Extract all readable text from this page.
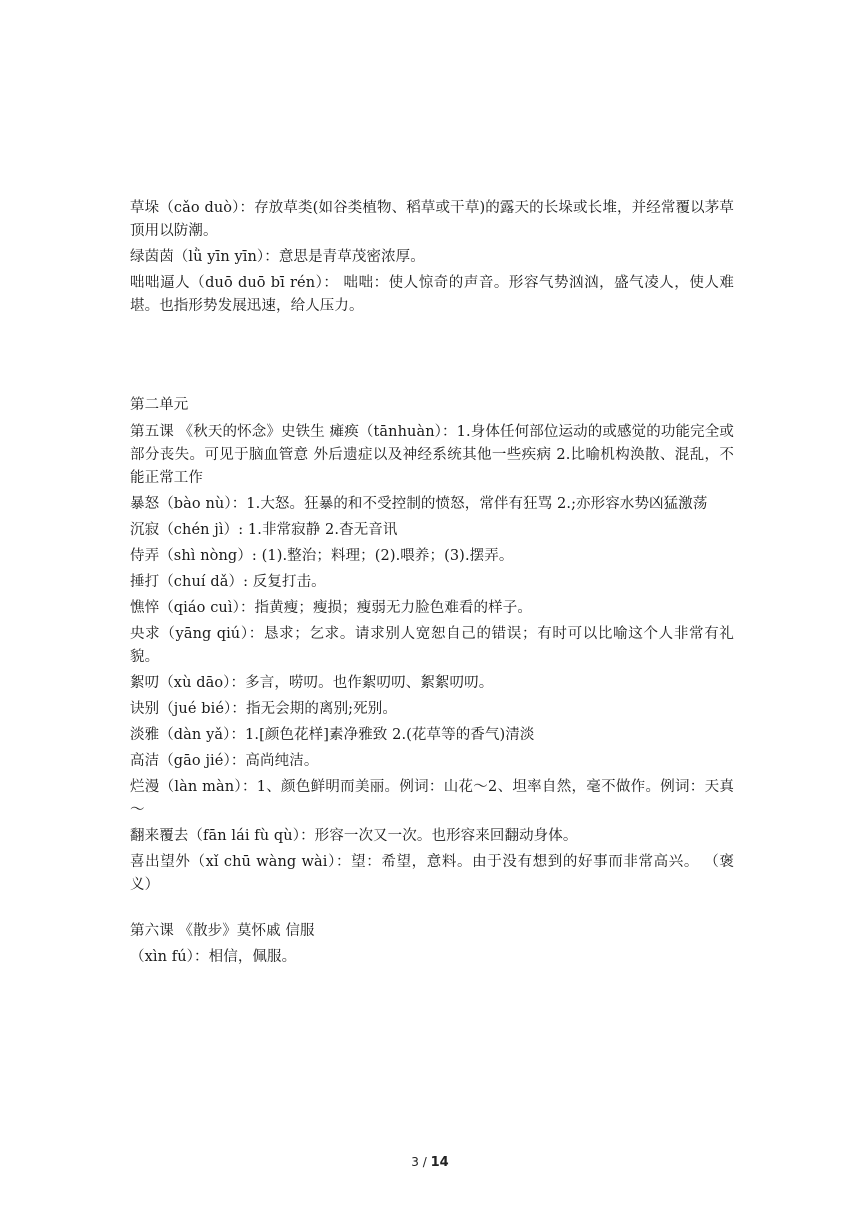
草垛（cǎo duò）：存放草类(如谷类植物、稻草或干草)的露天的长垛或长堆，并经常覆以茅草顶用以防潮。

绿茵茵（lǜ yīn yīn）：意思是青草茂密浓厚。

咄咄逼人（duō duō bī rén）： 咄咄：使人惊奇的声音。形容气势汹汹，盛气凌人，使人难堪。也指形势发展迅速，给人压力。

第二单元

第五课 《秋天的怀念》史铁生 瘫痪（tānhuàn）：1.身体任何部位运动的或感觉的功能完全或部分丧失。可见于脑血管意 外后遗症以及神经系统其他一些疾病 2.比喻机构涣散、混乱，不能正常工作

暴怒（bào nù）：1.大怒。狂暴的和不受控制的愤怒，常伴有狂骂 2.;亦形容水势凶猛激荡

沉寂（chén jì）: 1.非常寂静 2.杳无音讯

侍弄（shì nòng）: (1).整治；料理；(2).喂养；(3).摆弄。

捶打（chuí dǎ）: 反复打击。

憔悴（qiáo cuì）：指黄瘦；瘦损；瘦弱无力脸色难看的样子。

央求（yāng qiú）：恳求；乞求。请求别人宽恕自己的错误；有时可以比喻这个人非常有礼貌。

絮叨（xù dāo）：多言，唠叨。也作絮叨叨、絮絮叨叨。

诀别（jué bié）：指无会期的离别;死别。

淡雅（dàn yǎ）：1.[颜色花样]素净雅致 2.(花草等的香气)清淡

高洁（gāo jié）：高尚纯洁。

烂漫（làn màn）：1、颜色鲜明而美丽。例词：山花～2、坦率自然，毫不做作。例词：天真～

翻来覆去（fān lái fù qù）：形容一次又一次。也形容来回翻动身体。

喜出望外（xǐ chū wàng wài）：望：希望，意料。由于没有想到的好事而非常高兴。 （褒义）

第六课 《散步》莫怀戚 信服

（xìn fú）：相信，佩服。

3 / 14
